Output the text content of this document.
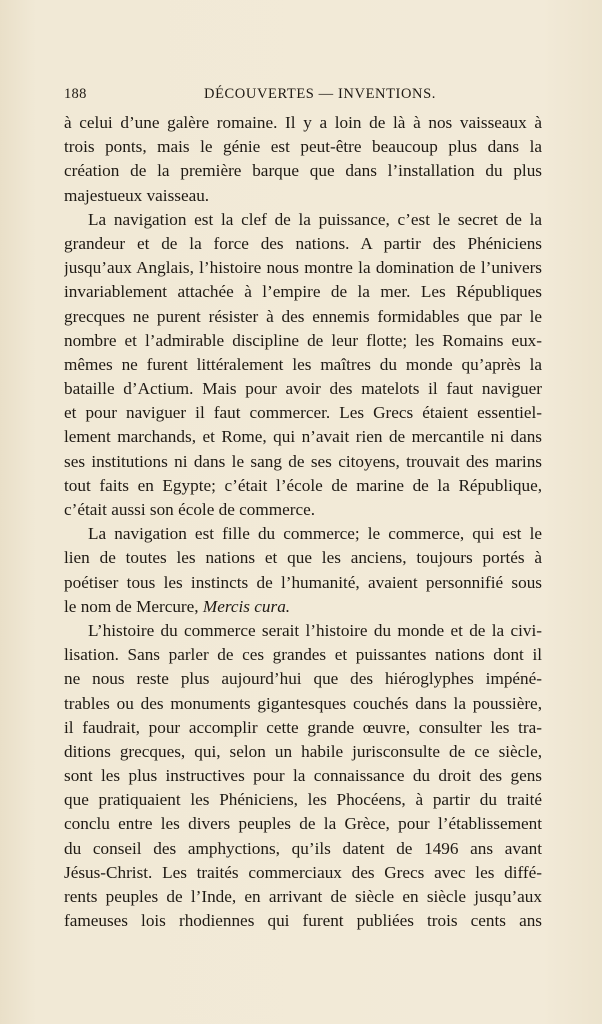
188	DÉCOUVERTES — INVENTIONS.
à celui d’une galère romaine. Il y a loin de là à nos vaisseaux à
trois ponts, mais le génie est peut-être beaucoup plus dans la
création de la première barque que dans l’installation du plus
majestueux vaisseau.
La navigation est la clef de la puissance, c’est le secret de la
grandeur et de la force des nations. A partir des Phéniciens
jusqu’aux Anglais, l’histoire nous montre la domination de l’univers
invariablement attachée à l’empire de la mer. Les Républiques
grecques ne purent résister à des ennemis formidables que par le
nombre et l’admirable discipline de leur flotte; les Romains eux-
mêmes ne furent littéralement les maîtres du monde qu’après la
bataille d’Actium. Mais pour avoir des matelots il faut naviguer
et pour naviguer il faut commercer. Les Grecs étaient essentiel-
lement marchands, et Rome, qui n’avait rien de mercantile ni dans
ses institutions ni dans le sang de ses citoyens, trouvait des marins
tout faits en Egypte; c’était l’école de marine de la République,
c’était aussi son école de commerce.
La navigation est fille du commerce; le commerce, qui est le
lien de toutes les nations et que les anciens, toujours portés à
poétiser tous les instincts de l’humanité, avaient personnifié sous
le nom de Mercure, Mercis cura.
L’histoire du commerce serait l’histoire du monde et de la civi-
lisation. Sans parler de ces grandes et puissantes nations dont il
ne nous reste plus aujourd’hui que des hiéroglyphes impéné-
trables ou des monuments gigantesques couchés dans la poussière,
il faudrait, pour accomplir cette grande œuvre, consulter les tra-
ditions grecques, qui, selon un habile jurisconsulte de ce siècle,
sont les plus instructives pour la connaissance du droit des gens
que pratiquaient les Phéniciens, les Phocéens, à partir du traité
conclu entre les divers peuples de la Grèce, pour l’établissement
du conseil des amphyctions, qu’ils datent de 1496 ans avant
Jésus-Christ. Les traités commerciaux des Grecs avec les diffé-
rents peuples de l’Inde, en arrivant de siècle en siècle jusqu’aux
fameuses lois rhodiennes qui furent publiées trois cents ans
